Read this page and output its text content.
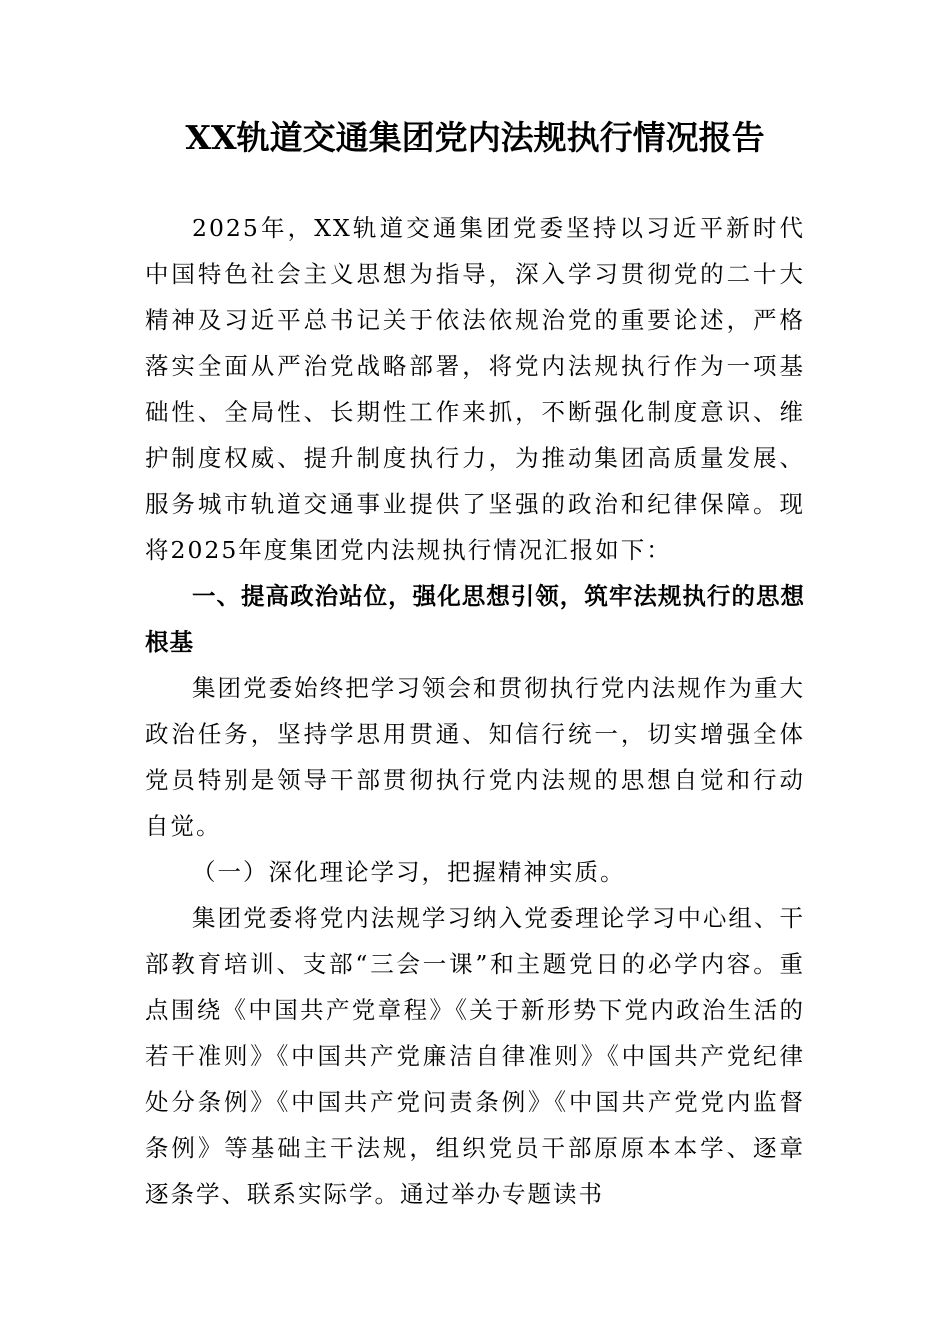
XX轨道交通集团党内法规执行情况报告

2025年，XX轨道交通集团党委坚持以习近平新时代中国特色社会主义思想为指导，深入学习贯彻党的二十大精神及习近平总书记关于依法依规治党的重要论述，严格落实全面从严治党战略部署，将党内法规执行作为一项基础性、全局性、长期性工作来抓，不断强化制度意识、维护制度权威、提升制度执行力，为推动集团高质量发展、服务城市轨道交通事业提供了坚强的政治和纪律保障。现将2025年度集团党内法规执行情况汇报如下：

一、提高政治站位，强化思想引领，筑牢法规执行的思想根基

集团党委始终把学习领会和贯彻执行党内法规作为重大政治任务，坚持学思用贯通、知信行统一，切实增强全体党员特别是领导干部贯彻执行党内法规的思想自觉和行动自觉。

（一）深化理论学习，把握精神实质。

集团党委将党内法规学习纳入党委理论学习中心组、干部教育培训、支部“三会一课”和主题党日的必学内容。重点围绕《中国共产党章程》《关于新形势下党内政治生活的若干准则》《中国共产党廉洁自律准则》《中国共产党纪律处分条例》《中国共产党问责条例》《中国共产党党内监督条例》等基础主干法规，组织党员干部原原本本学、逐章逐条学、联系实际学。通过举办专题读书
